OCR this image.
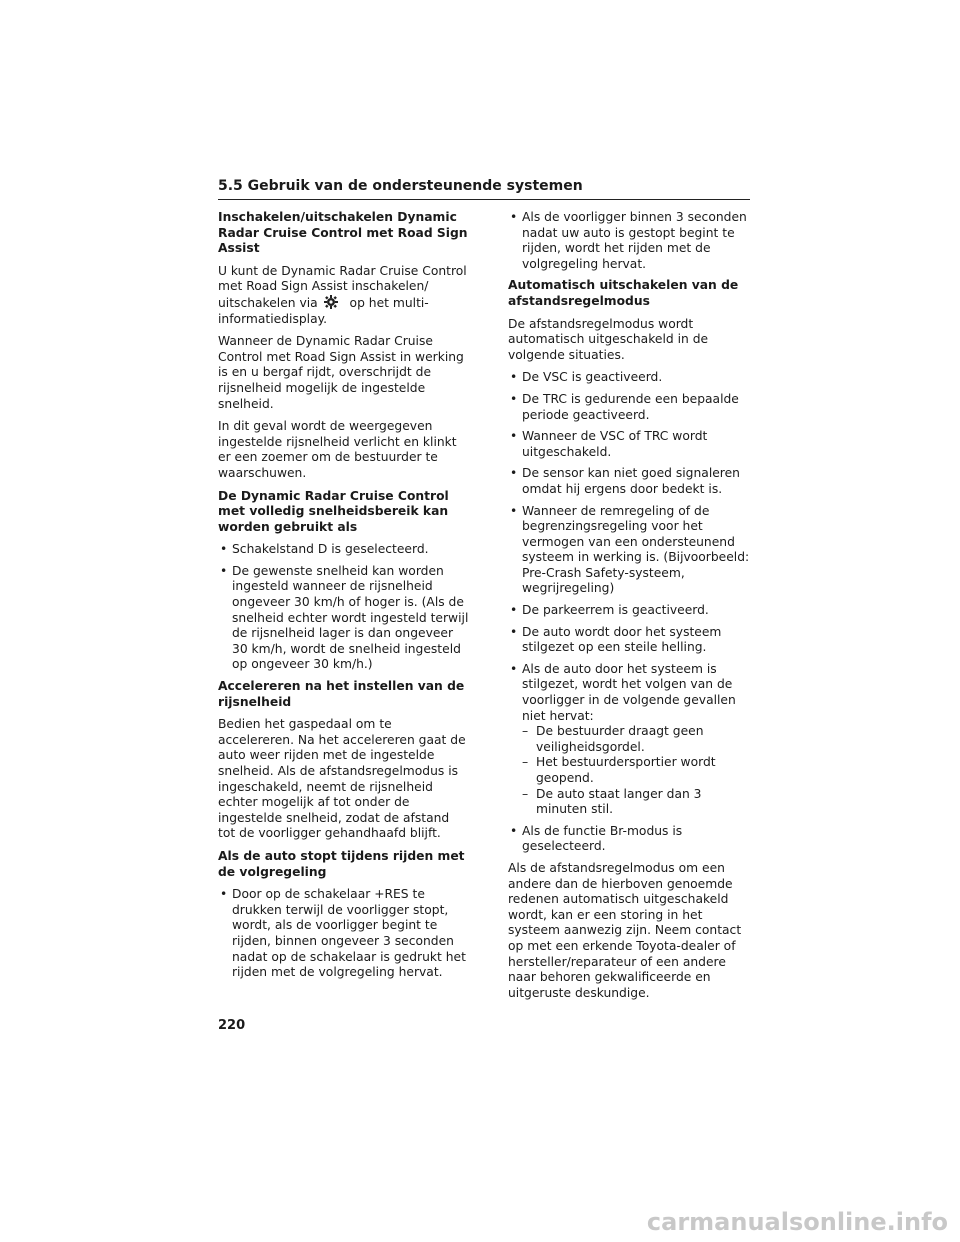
5.5 Gebruik van de ondersteunende systemen
Inschakelen/uitschakelen Dynamic Radar Cruise Control met Road Sign Assist
U kunt de Dynamic Radar Cruise Control met Road Sign Assist inschakelen/ uitschakelen via	op het multi-informatiedisplay.
Wanneer de Dynamic Radar Cruise Control met Road Sign Assist in werking is en u bergaf rijdt, overschrijdt de rijsnelheid mogelijk de ingestelde snelheid.
In dit geval wordt de weergegeven ingestelde rijsnelheid verlicht en klinkt er een zoemer om de bestuurder te waarschuwen.
De Dynamic Radar Cruise Control met volledig snelheidsbereik kan worden gebruikt als
• Schakelstand D is geselecteerd.
• De gewenste snelheid kan worden ingesteld wanneer de rijsnelheid ongeveer 30 km/h of hoger is. (Als de snelheid echter wordt ingesteld terwijl de rijsnelheid lager is dan ongeveer 30 km/h, wordt de snelheid ingesteld op ongeveer 30 km/h.)
Accelereren na het instellen van de rijsnelheid
Bedien het gaspedaal om te accelereren. Na het accelereren gaat de auto weer rijden met de ingestelde snelheid. Als de afstandsregelmodus is ingeschakeld, neemt de rijsnelheid echter mogelijk af tot onder de ingestelde snelheid, zodat de afstand tot de voorligger gehandhaafd blijft.
Als de auto stopt tijdens rijden met de volgregeling
• Door op de schakelaar +RES te drukken terwijl de voorligger stopt, wordt, als de voorligger begint te rijden, binnen ongeveer 3 seconden nadat op de schakelaar is gedrukt het rijden met de volgregeling hervat.
• Als de voorligger binnen 3 seconden nadat uw auto is gestopt begint te rijden, wordt het rijden met de volgregeling hervat.
Automatisch uitschakelen van de afstandsregelmodus
De afstandsregelmodus wordt automatisch uitgeschakeld in de volgende situaties.
• De VSC is geactiveerd.
• De TRC is gedurende een bepaalde periode geactiveerd.
• Wanneer de VSC of TRC wordt uitgeschakeld.
• De sensor kan niet goed signaleren omdat hij ergens door bedekt is.
• Wanneer de remregeling of de begrenzingsregeling voor het vermogen van een ondersteunend systeem in werking is. (Bijvoorbeeld: Pre-Crash Safety-systeem, wegrijregeling)
• De parkeerrem is geactiveerd.
• De auto wordt door het systeem stilgezet op een steile helling.
• Als de auto door het systeem is stilgezet, wordt het volgen van de voorligger in de volgende gevallen niet hervat:
– De bestuurder draagt geen veiligheidsgordel.
– Het bestuurdersportier wordt geopend.
– De auto staat langer dan 3 minuten stil.
• Als de functie Br-modus is geselecteerd.
Als de afstandsregelmodus om een andere dan de hierboven genoemde redenen automatisch uitgeschakeld wordt, kan er een storing in het systeem aanwezig zijn. Neem contact op met een erkende Toyota-dealer of hersteller/reparateur of een andere naar behoren gekwalificeerde en uitgeruste deskundige.
220
carmanualsonline.info
